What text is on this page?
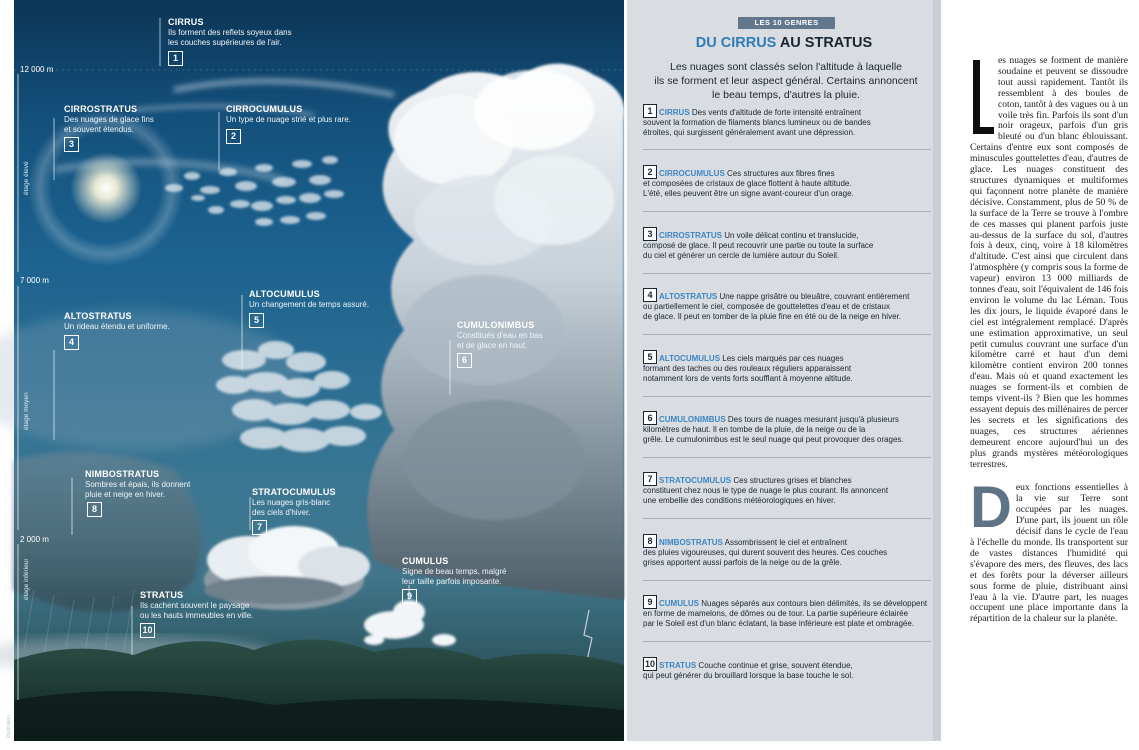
12 000 m
7 000 m
2 000 m
étage élevé
étage moyen
étage inférieur
Illustration
CIRRUS
Ils forment des reflets soyeux dans
les couches supérieures de l'air.
1
CIRROSTRATUS
Des nuages de glace fins
et souvent étendus.
3
CIRROCUMULUS
Un type de nuage strié et plus rare.
2
ALTOCUMULUS
Un changement de temps assuré.
5
ALTOSTRATUS
Un rideau étendu et uniforme.
4
CUMULONIMBUS
Constitués d'eau en bas
et de glace en haut.
6
NIMBOSTRATUS
Sombres et épais, ils donnent
pluie et neige en hiver.
8
STRATOCUMULUS
Les nuages gris-blanc
des ciels d'hiver.
7
CUMULUS
Signe de beau temps, malgré
leur taille parfois imposante.
9
STRATUS
Ils cachent souvent le paysage
ou les hauts immeubles en ville.
10
LES 10 GENRES
DU CIRRUS AU STRATUS
Les nuages sont classés selon l'altitude à laquelle
ils se forment et leur aspect général. Certains annoncent
le beau temps, d'autres la pluie.
1 CIRRUS Des vents d'altitude de forte intensité entraînent
souvent la formation de filaments blancs lumineux ou de bandes
étroites, qui surgissent généralement avant une dépression.
2 CIRROCUMULUS Ces structures aux fibres fines
et composées de cristaux de glace flottent à haute altitude.
L'été, elles peuvent être un signe avant-coureur d'un orage.
3 CIRROSTRATUS Un voile délicat continu et translucide,
composé de glace. Il peut recouvrir une partie ou toute la surface
du ciel et générer un cercle de lumière autour du Soleil.
4 ALTOSTRATUS Une nappe grisâtre ou bleuâtre, couvrant entièrement
ou partiellement le ciel, composée de gouttelettes d'eau et de cristaux
de glace. Il peut en tomber de la pluie fine en été ou de la neige en hiver.
5 ALTOCUMULUS Les ciels marqués par ces nuages
formant des taches ou des rouleaux réguliers apparaissent
notamment lors de vents forts soufflant à moyenne altitude.
6 CUMULONIMBUS Des tours de nuages mesurant jusqu'à plusieurs
kilomètres de haut. Il en tombe de la pluie, de la neige ou de la
grêle. Le cumulonimbus est le seul nuage qui peut provoquer des orages.
7 STRATOCUMULUS Ces structures grises et blanches
constituent chez nous le type de nuage le plus courant. Ils annoncent
une embellie des conditions météorologiques en hiver.
8 NIMBOSTRATUS Assombrissent le ciel et entraînent
des pluies vigoureuses, qui durent souvent des heures. Ces couches
grises apportent aussi parfois de la neige ou de la grêle.
9 CUMULUS Nuages séparés aux contours bien délimités, ils se développent
en forme de mamelons, de dômes ou de tour. La partie supérieure éclairée
par le Soleil est d'un blanc éclatant, la base inférieure est plate et ombragée.
10 STRATUS Couche continue et grise, souvent étendue,
qui peut générer du brouillard lorsque la base touche le sol.
es nuages se forment de manière soudaine et peuvent se dissoudre tout aussi rapidement. Tantôt ils ressemblent à des boules de coton, tantôt à des vagues ou à un voile très fin. Parfois ils sont d'un noir orageux, parfois d'un gris bleuté ou d'un blanc éblouissant. Certains d'entre eux sont composés de minuscules gouttelettes d'eau, d'autres de glace. Les nuages constituent des structures dynamiques et multiformes qui façonnent notre planète de manière décisive. Constamment, plus de 50 % de la surface de la Terre se trouve à l'ombre de ces masses qui planent parfois juste au-dessus de la surface du sol, d'autres fois à deux, cinq, voire à 18 kilomètres d'altitude. C'est ainsi que circulent dans l'atmosphère (y compris sous la forme de vapeur) environ 13 000 milliards de tonnes d'eau, soit l'équivalent de 146 fois environ le volume du lac Léman. Tous les dix jours, le liquide évaporé dans le ciel est intégralement remplacé. D'après une estimation approximative, un seul petit cumulus couvrant une surface d'un kilomètre carré et haut d'un demi kilomètre contient environ 200 tonnes d'eau. Mais où et quand exactement les nuages se forment-ils et combien de temps vivent-ils ? Bien que les hommes essayent depuis des millénaires de percer les secrets et les significations des nuages, ces structures aériennes demeurent encore aujourd'hui un des plus grands mystères météorologiques terrestres.
Deux fonctions essentielles à la vie sur Terre sont occupées par les nuages. D'une part, ils jouent un rôle décisif dans le cycle de l'eau à l'échelle du monde. Ils transportent sur de vastes distances l'humidité qui s'évapore des mers, des fleuves, des lacs et des forêts pour la déverser ailleurs sous forme de pluie, distribuant ainsi l'eau à la vie. D'autre part, les nuages occupent une place importante dans la répartition de la chaleur sur la planète.
